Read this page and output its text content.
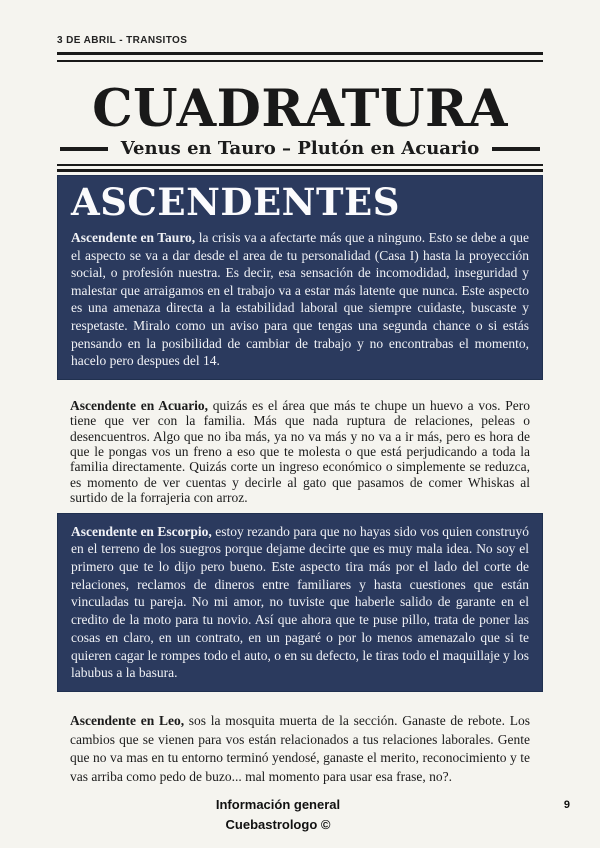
3 DE ABRIL - TRANSITOS
CUADRATURA
Venus en Tauro – Plutón en Acuario
ASCENDENTES

Ascendente en Tauro, la crisis va a afectarte más que a ninguno. Esto se debe a que el aspecto se va a dar desde el area de tu personalidad (Casa I) hasta la proyección social, o profesión nuestra. Es decir, esa sensación de incomodidad, inseguridad y malestar que arraigamos en el trabajo va a estar más latente que nunca. Este aspecto es una amenaza directa a la estabilidad laboral que siempre cuidaste, buscaste y respetaste. Miralo como un aviso para que tengas una segunda chance o si estás pensando en la posibilidad de cambiar de trabajo y no encontrabas el momento, hacelo pero despues del 14.

Ascendente en Acuario, quizás es el área que más te chupe un huevo a vos. Pero tiene que ver con la familia. Más que nada ruptura de relaciones, peleas o desencuentros. Algo que no iba más, ya no va más y no va a ir más, pero es hora de que le pongas vos un freno a eso que te molesta o que está perjudicando a toda la familia directamente. Quizás corte un ingreso económico o simplemente se reduzca, es momento de ver cuentas y decirle al gato que pasamos de comer Whiskas al surtido de la forrajeria con arroz.

Ascendente en Escorpio, estoy rezando para que no hayas sido vos quien construyó en el terreno de los suegros porque dejame decirte que es muy mala idea. No soy el primero que te lo dijo pero bueno. Este aspecto tira más por el lado del corte de relaciones, reclamos de dineros entre familiares y hasta cuestiones que están vinculadas tu pareja. No mi amor, no tuviste que haberle salido de garante en el credito de la moto para tu novio. Así que ahora que te puse pillo, trata de poner las cosas en claro, en un contrato, en un pagaré o por lo menos amenazalo que si te quieren cagar le rompes todo el auto, o en su defecto, le tiras todo el maquillaje y los labubus a la basura.

Ascendente en Leo, sos la mosquita muerta de la sección. Ganaste de rebote. Los cambios que se vienen para vos están relacionados a tus relaciones laborales. Gente que no va mas en tu entorno terminó yendosé, ganaste el merito, reconocimiento y te vas arriba como pedo de buzo... mal momento para usar esa frase, no?.

Información general
Cuebastrologo ©
9
